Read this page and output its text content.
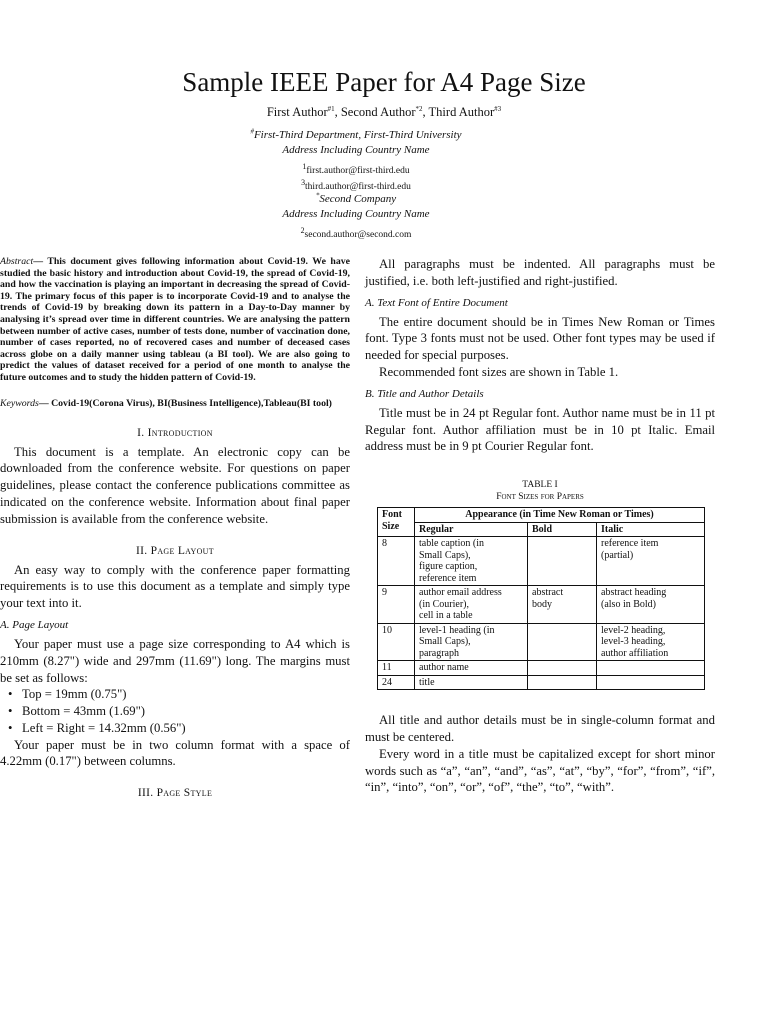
Sample IEEE Paper for A4 Page Size
First Author$^{\#1}$, Second Author$^{*2}$, Third Author$^{\#3}$
#First-Third Department, First-Third University
Address Including Country Name
$^1$first.author@first-third.edu
$^3$third.author@first-third.edu
*Second Company
Address Including Country Name
$^2$second.author@second.com

Abstract— This document gives following information about Covid-19. We have studied the basic history and introduction about Covid-19, the spread of Covid-19, and how the vaccination is playing an important in decreasing the spread of Covid-19. The primary focus of this paper is to incorporate Covid-19 and to analyse the trends of Covid-19 by breaking down its pattern in a Day-to-Day manner by analysing it’s spread over time in different countries. We are analysing the pattern between number of active cases, number of tests done, number of vaccination done, number of cases reported, no of recovered cases and number of deceased cases across globe on a daily manner using tableau (a BI tool). We are also going to predict the values of dataset received for a period of one month to analyse the future outcomes and to study the hidden pattern of Covid-19.

Keywords— Covid-19(Corona Virus), BI(Business Intelligence),Tableau(BI tool)

I. Introduction

This document is a template. An electronic copy can be downloaded from the conference website. For questions on paper guidelines, please contact the conference publications committee as indicated on the conference website. Information about final paper submission is available from the conference website.

II. Page Layout

An easy way to comply with the conference paper formatting requirements is to use this document as a template and simply type your text into it.

A. Page Layout

Your paper must use a page size corresponding to A4 which is 210mm (8.27") wide and 297mm (11.69") long. The margins must be set as follows:

• Top = 19mm (0.75")
• Bottom = 43mm (1.69")
• Left = Right = 14.32mm (0.56")

Your paper must be in two column format with a space of 4.22mm (0.17") between columns.

III. Page Style

All paragraphs must be indented. All paragraphs must be justified, i.e. both left-justified and right-justified.

A. Text Font of Entire Document

The entire document should be in Times New Roman or Times font. Type 3 fonts must not be used. Other font types may be used if needed for special purposes.

Recommended font sizes are shown in Table 1.

B. Title and Author Details

Title must be in 24 pt Regular font. Author name must be in 11 pt Regular font. Author affiliation must be in 10 pt Italic. Email address must be in 9 pt Courier Regular font.

TABLE I
Font Sizes for Papers
Font Size	Appearance (in Time New Roman or Times)		
	Regular	Bold	Italic
8	table caption (in
Small Caps),
figure caption,
reference item		reference item
(partial)

9	author email address
(in Courier),
cell in a table	abstract
body	abstract heading
(also in Bold)

10	level-1 heading (in
Small Caps),
paragraph		level-2 heading,
level-3 heading,
author affiliation

11	author name		

24	title		

All title and author details must be in single-column format and must be centered.

Every word in a title must be capitalized except for short minor words such as “a”, “an”, “and”, “as”, “at”, “by”, “for”, “from”, “if”, “in”, “into”, “on”, “or”, “of”, “the”, “to”, “with”.
